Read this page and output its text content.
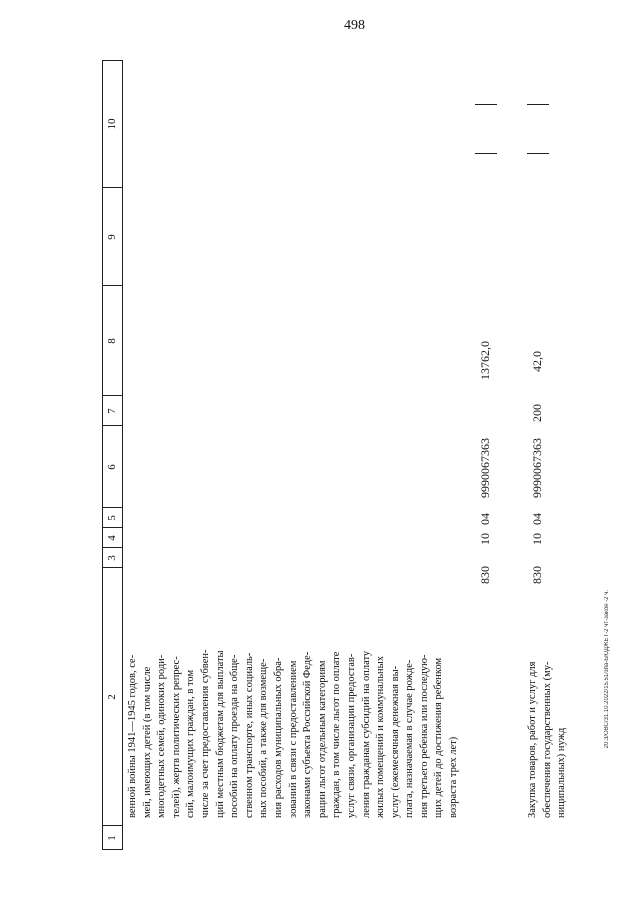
498
20.3/ОВС/31.10.2022/15.51/зпа-БЮДЖЕТ-2 чт-закон -2 ч.
1
2
3
4
5
6
7
8
9
10
венной войны 1941—1945 годов, се- мей, имеющих детей (в том числе многодетных семей, одиноких роди- телей), жертв политических репрес- сий, малоимущих граждан, в том числе за счет предоставления субвен- ций местным бюджетам для выплаты пособий на оплату проезда на обще- ственном транспорте, иных социаль- ных пособий, а также для возмеще- ния расходов муниципальных обра- зований в связи с предоставлением законами субъекта Российской Феде- рации льгот отдельным категориям граждан, в том числе льгот по оплате услуг связи, организации предостав- ления гражданам субсидий на оплату жилых помещений и коммунальных услуг (ежемесячная денежная вы- плата, назначаемая в случае рожде- ния третьего ребенка или последую- щих детей до достижения ребенком возраста трех лет)
830
10
04
9990067363
13762,0
Закупка товаров, работ и услуг для обеспечения государственных (му- ниципальных) нужд
830
10
04
9990067363
200
42,0
